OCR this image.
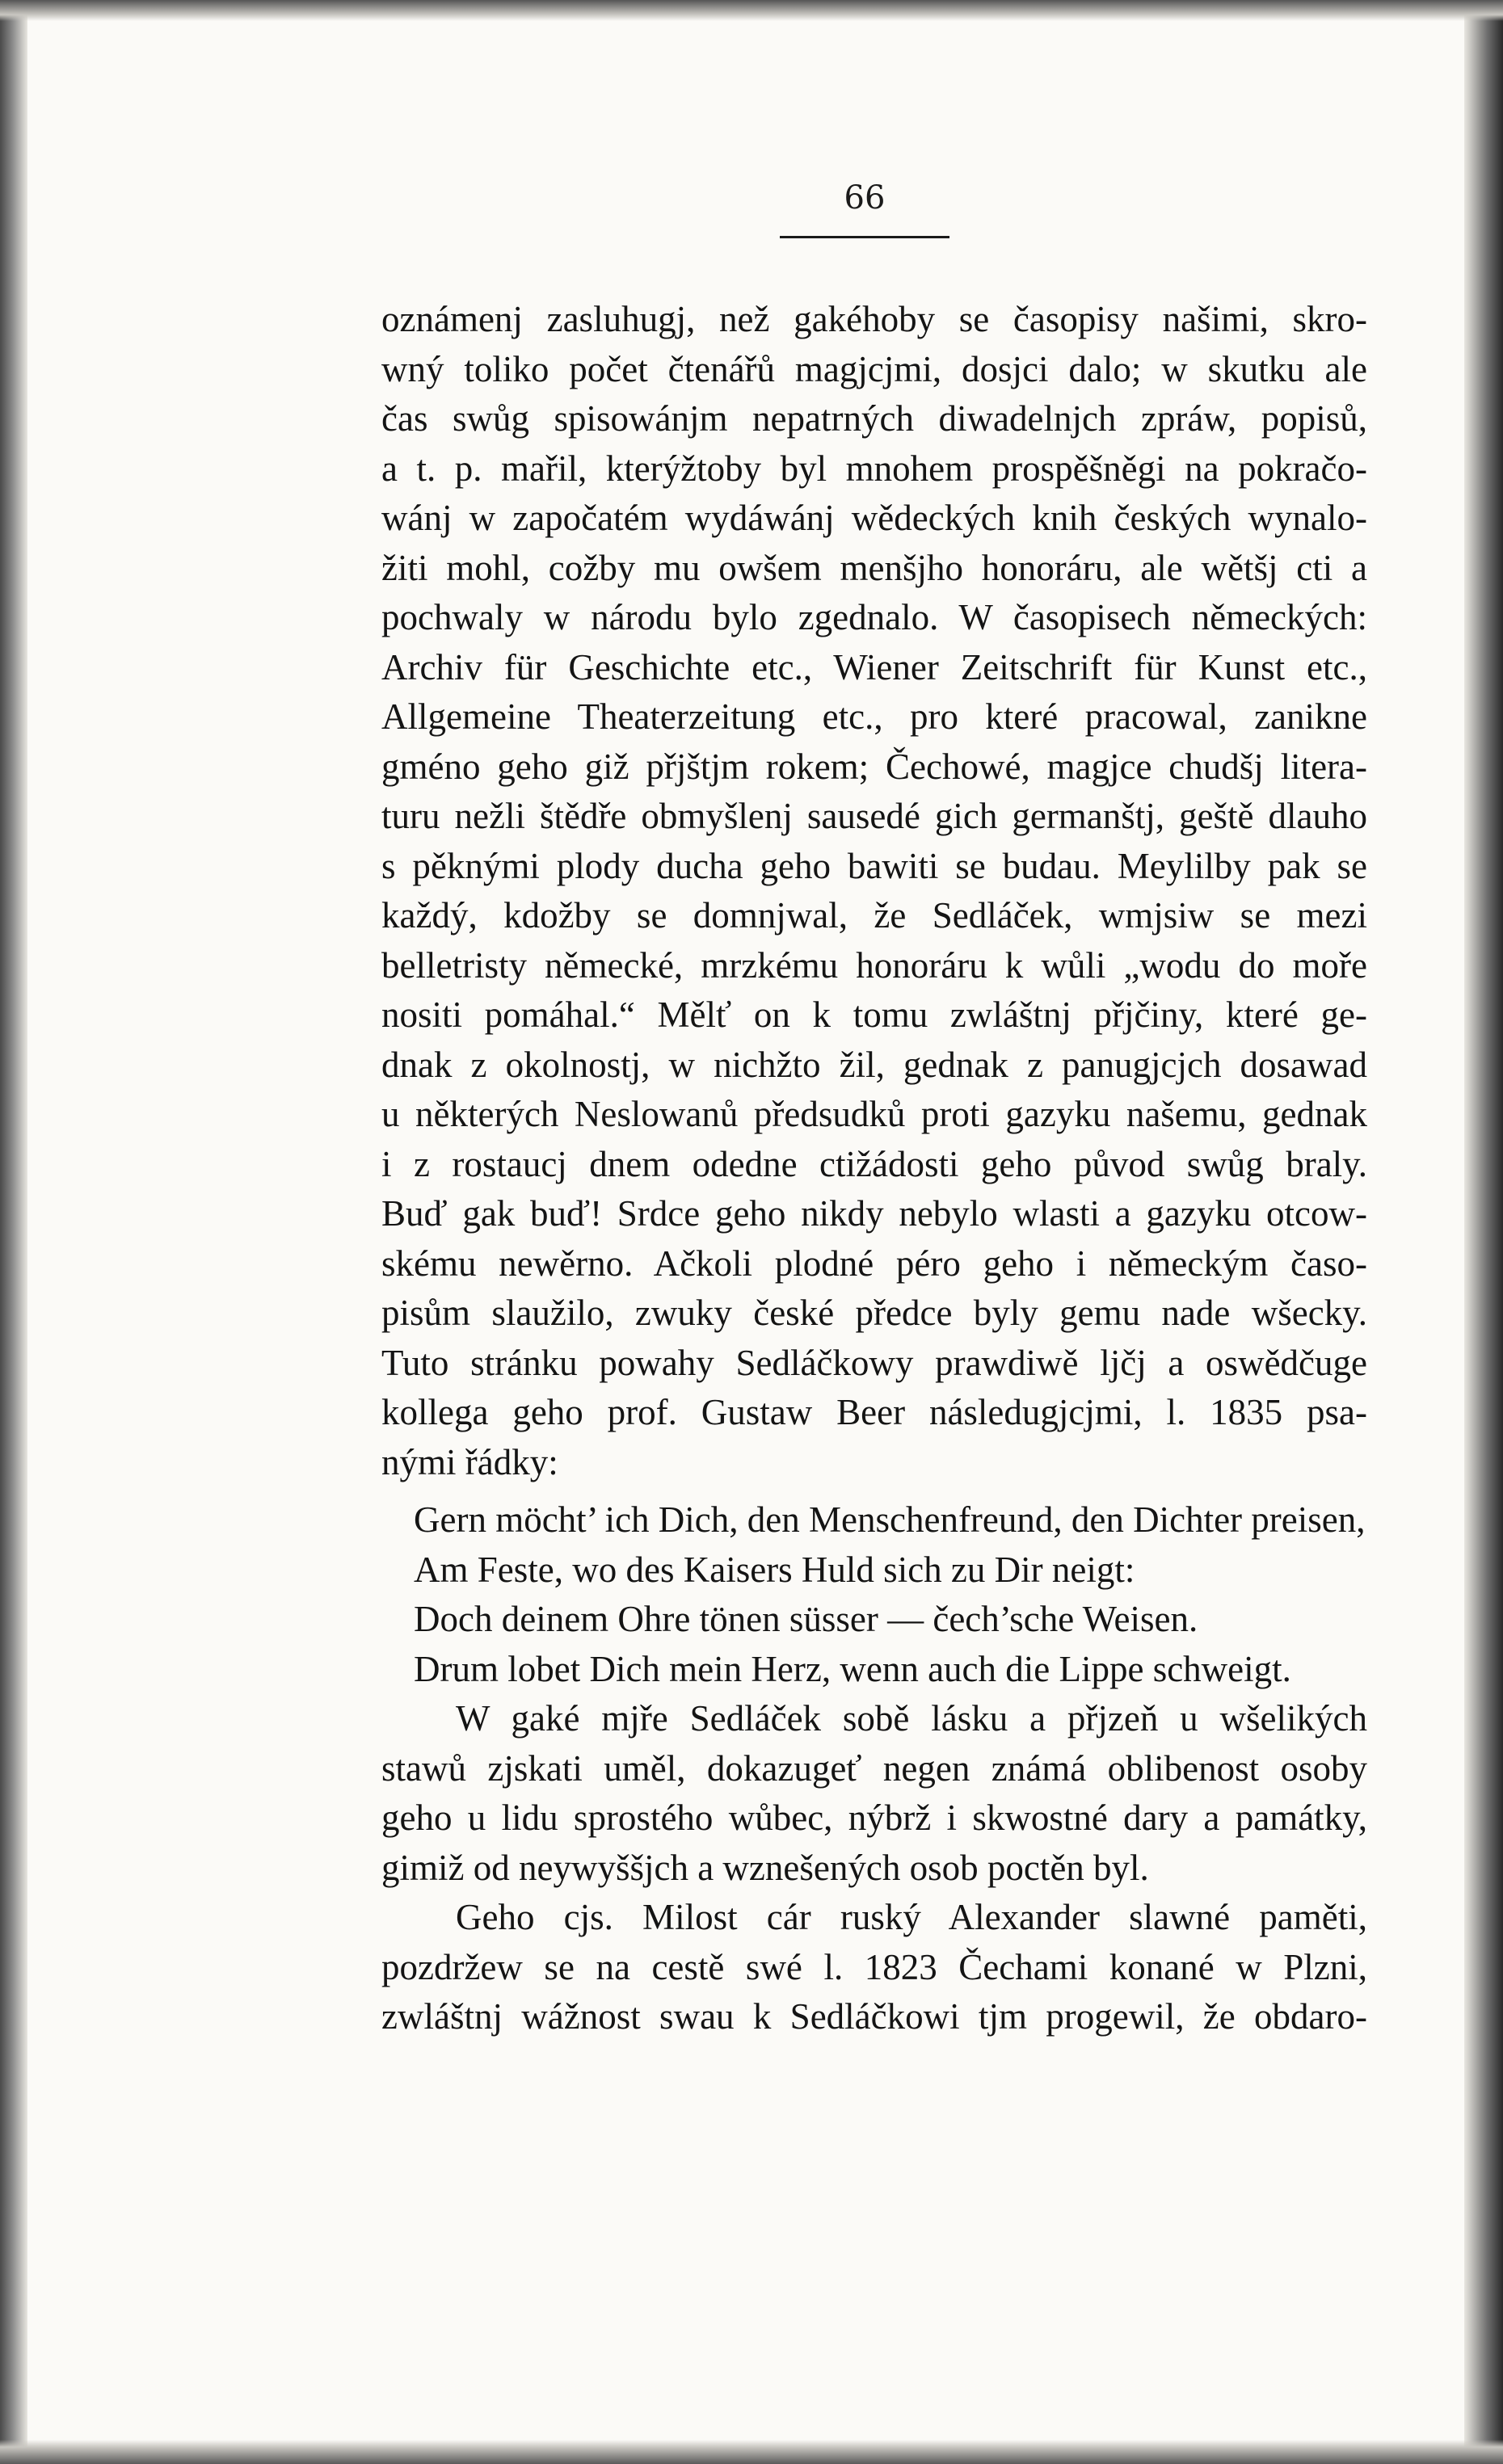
66
oznámenj zasluhugj, než gakéhoby se časopisy našimi, skro-
wný toliko počet čtenářů magjcjmi, dosjci dalo; w skutku ale
čas swůg spisowánjm nepatrných diwadelnjch zpráw, popisů,
a t. p. mařil, kterýžtoby byl mnohem prospěšněgi na pokračo-
wánj w započatém wydáwánj wědeckých knih českých wynalo-
žiti mohl, cožby mu owšem menšjho honoráru, ale wětšj cti a
pochwaly w národu bylo zgednalo. W časopisech německých:
Archiv für Geschichte etc., Wiener Zeitschrift für Kunst etc.,
Allgemeine Theaterzeitung etc., pro které pracowal, zanikne
gméno geho giž přjštjm rokem; Čechowé, magjce chudšj litera-
turu nežli štědře obmyšlenj sausedé gich germanštj, geště dlauho
s pěknými plody ducha geho bawiti se budau. Meylilby pak se
každý, kdožby se domnjwal, že Sedláček, wmjsiw se mezi
belletristy německé, mrzkému honoráru k wůli „wodu do moře
nositi pomáhal.“ Mělť on k tomu zwláštnj přjčiny, které ge-
dnak z okolnostj, w nichžto žil, gednak z panugjcjch dosawad
u některých Neslowanů předsudků proti gazyku našemu, gednak
i z rostaucj dnem odedne ctižádosti geho původ swůg braly.
Buď gak buď! Srdce geho nikdy nebylo wlasti a gazyku otcow-
skému newěrno. Ačkoli plodné péro geho i německým časo-
pisům slaužilo, zwuky české předce byly gemu nade wšecky.
Tuto stránku powahy Sedláčkowy prawdiwě ljčj a oswědčuge
kollega geho prof. Gustaw Beer následugjcjmi, l. 1835 psa-
nými řádky:
Gern möcht’ ich Dich, den Menschenfreund, den Dichter preisen,
Am Feste, wo des Kaisers Huld sich zu Dir neigt:
Doch deinem Ohre tönen süsser — čech’sche Weisen.
Drum lobet Dich mein Herz, wenn auch die Lippe schweigt.
W gaké mjře Sedláček sobě lásku a přjzeň u wšelikých
stawů zjskati uměl, dokazugeť negen známá oblibenost osoby
geho u lidu sprostého wůbec, nýbrž i skwostné dary a památky,
gimiž od neywyššjch a wznešených osob poctěn byl.
Geho cjs. Milost cár ruský Alexander slawné paměti,
pozdržew se na cestě swé l. 1823 Čechami konané w Plzni,
zwláštnj wážnost swau k Sedláčkowi tjm progewil, že obdaro-
